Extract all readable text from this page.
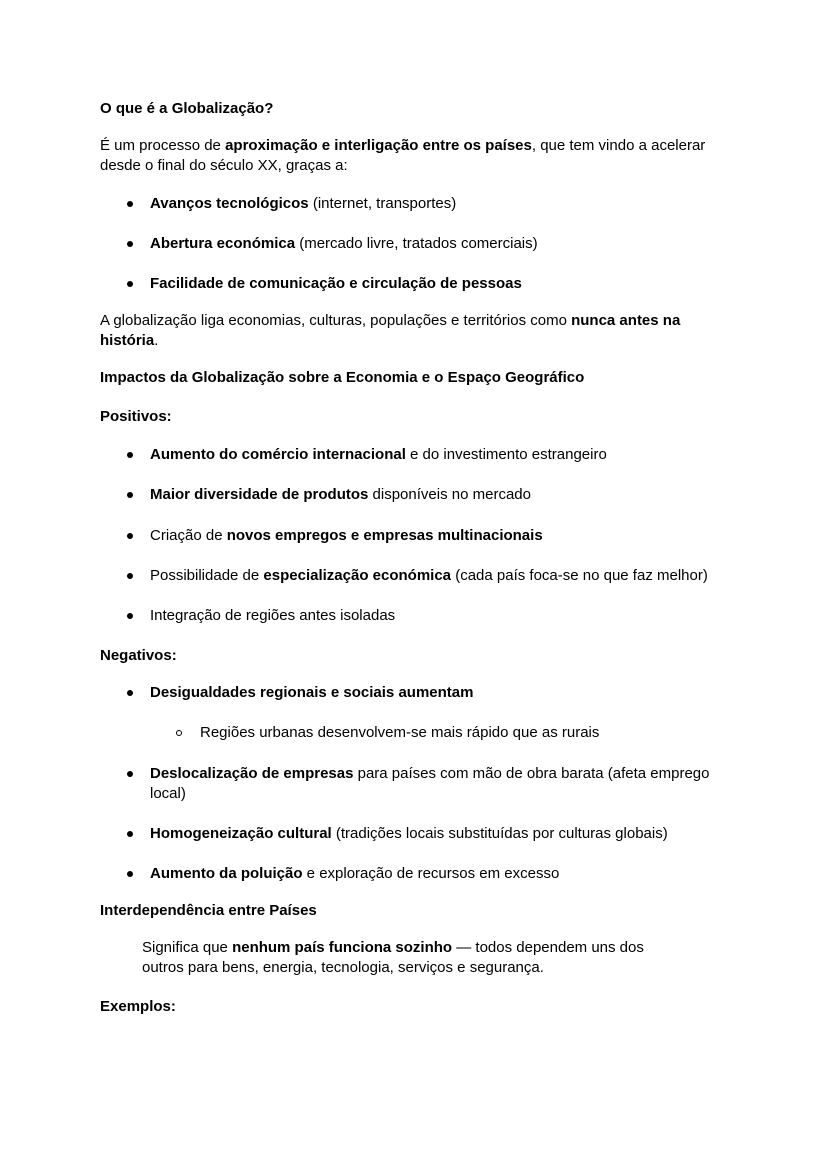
O que é a Globalização?
É um processo de aproximação e interligação entre os países, que tem vindo a acelerar
desde o final do século XX, graças a:
Avanços tecnológicos (internet, transportes)
Abertura económica (mercado livre, tratados comerciais)
Facilidade de comunicação e circulação de pessoas
A globalização liga economias, culturas, populações e territórios como nunca antes na
história.
Impactos da Globalização sobre a Economia e o Espaço Geográfico
Positivos:
Aumento do comércio internacional e do investimento estrangeiro
Maior diversidade de produtos disponíveis no mercado
Criação de novos empregos e empresas multinacionais
Possibilidade de especialização económica (cada país foca-se no que faz melhor)
Integração de regiões antes isoladas
Negativos:
Desigualdades regionais e sociais aumentam
Regiões urbanas desenvolvem-se mais rápido que as rurais
Deslocalização de empresas para países com mão de obra barata (afeta emprego
local)
Homogeneização cultural (tradições locais substituídas por culturas globais)
Aumento da poluição e exploração de recursos em excesso
Interdependência entre Países
Significa que nenhum país funciona sozinho — todos dependem uns dos
outros para bens, energia, tecnologia, serviços e segurança.
Exemplos:
